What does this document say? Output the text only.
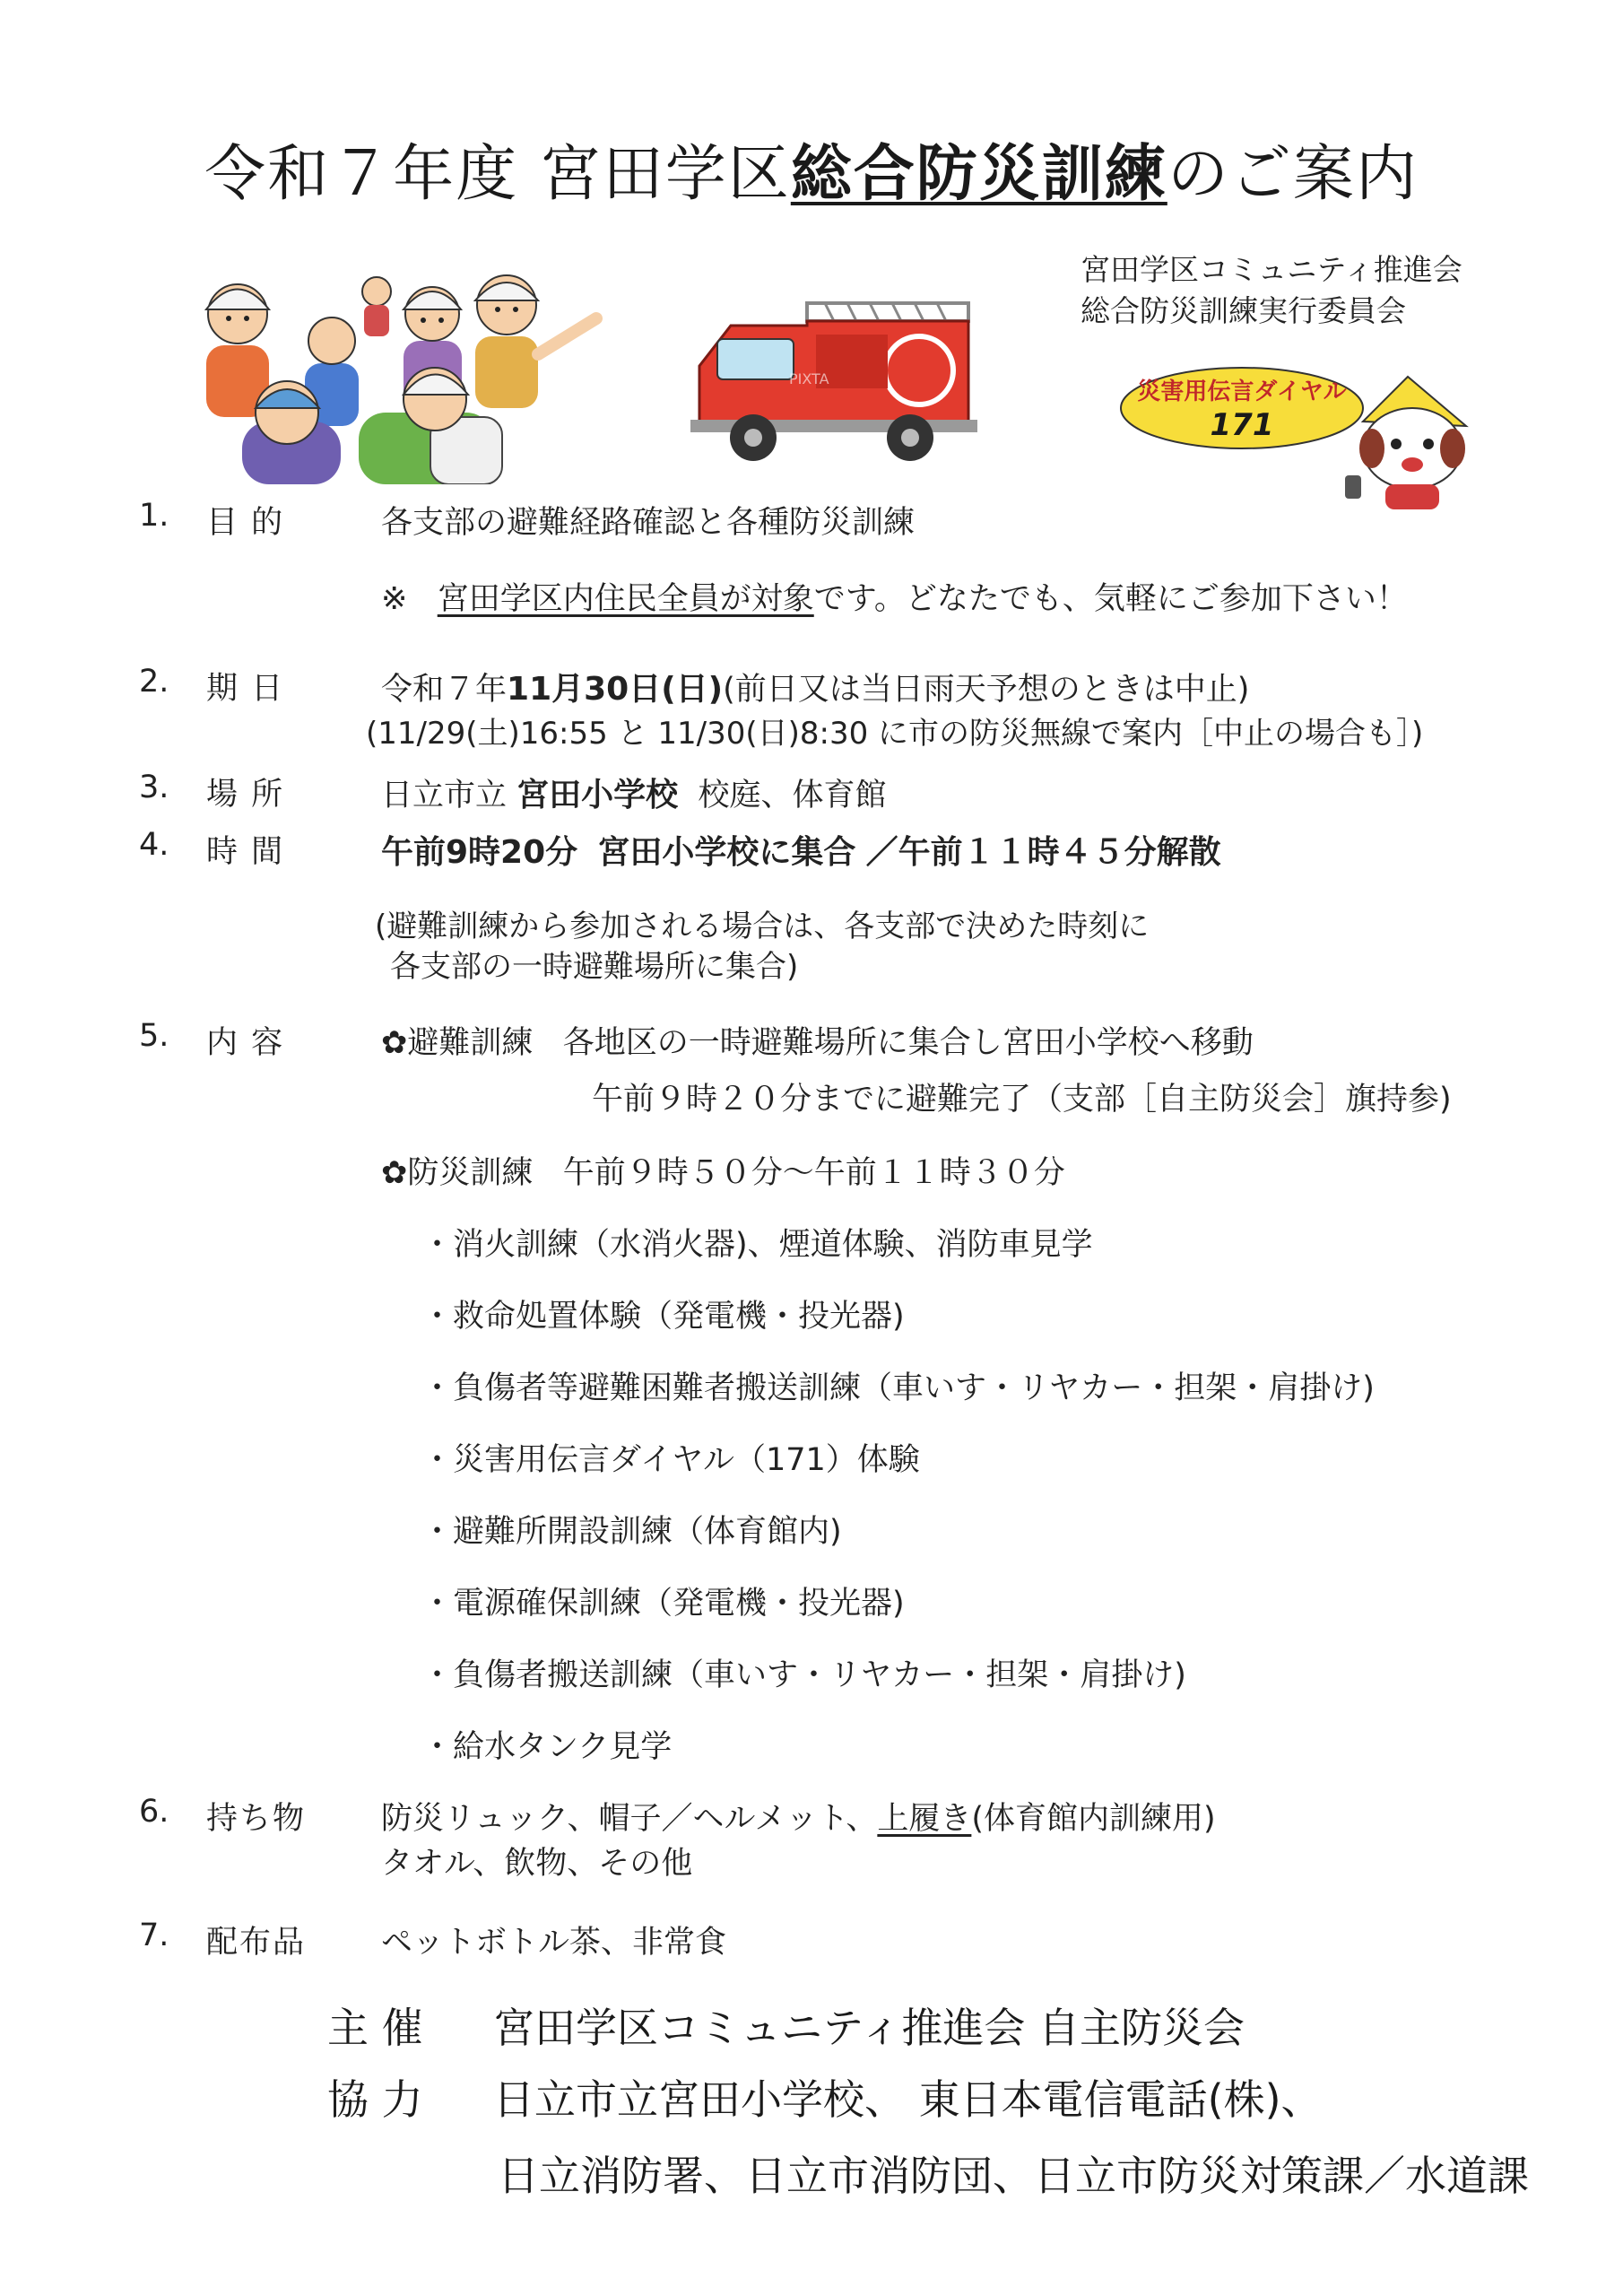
令和７年度 宮田学区総合防災訓練のご案内
PIXTA
宮田学区コミュニティ推進会
総合防災訓練実行委員会
災害用伝言ダイヤル
171
1. 目 的	各支部の避難経路確認と各種防災訓練
※ 宮田学区内住民全員が対象です。どなたでも、気軽にご参加下さい！
2. 期 日	令和７年11月30日(日)(前日又は当日雨天予想のときは中止)
(11/29(土)16:55 と 11/30(日)8:30 に市の防災無線で案内［中止の場合も］)
3. 場 所	日立市立 宮田小学校 校庭、体育館
4. 時 間	午前9時20分 宮田小学校に集合 ／午前１１時４５分解散
(避難訓練から参加される場合は、各支部で決めた時刻に
各支部の一時避難場所に集合)
5. 内 容	✿避難訓練 各地区の一時避難場所に集合し宮田小学校へ移動
午前９時２０分までに避難完了（支部［自主防災会］旗持参)
✿防災訓練 午前９時５０分～午前１１時３０分
・消火訓練（水消火器)、煙道体験、消防車見学
・救命処置体験（発電機・投光器)
・負傷者等避難困難者搬送訓練（車いす・リヤカー・担架・肩掛け)
・災害用伝言ダイヤル（171）体験
・避難所開設訓練（体育館内)
・電源確保訓練（発電機・投光器)
・負傷者搬送訓練（車いす・リヤカー・担架・肩掛け)
・給水タンク見学
6. 持ち物 防災リュック、帽子／ヘルメット、上履き(体育館内訓練用)
タオル、飲物、その他
7. 配布品 ペットボトル茶、非常食
主 催 宮田学区コミュニティ推進会 自主防災会
協 力 日立市立宮田小学校、 東日本電信電話(株)、
日立消防署、日立市消防団、日立市防災対策課／水道課
